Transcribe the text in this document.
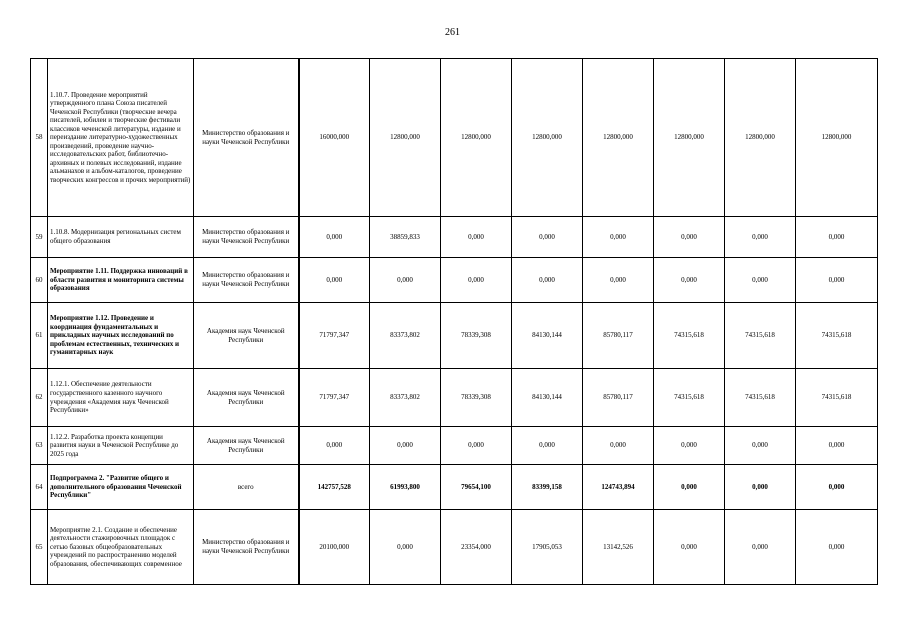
261
58	1.10.7. Проведение мероприятий утвержденного плана Союза писателей Чеченской Республики (творческие вечера писателей, юбилеи и творческие фестивали классиков чеченской литературы, издание и переиздание литературно-художественных произведений, проведение научно-исследовательских работ, библиотечно-архивных и полевых исследований, издание альманахов и альбом-каталогов, проведение творческих конгрессов и прочих мероприятий)	Министерство образования и науки Чеченской Республики	16000,000	12800,000	12800,000	12800,000	12800,000	12800,000	12800,000	12800,000
59	1.10.8. Модернизация региональных систем общего образования	Министерство образования и науки Чеченской Республики	0,000	38859,833	0,000	0,000	0,000	0,000	0,000	0,000
60	Мероприятие 1.11. Поддержка инноваций в области развития и мониторинга системы образования	Министерство образования и науки Чеченской Республики	0,000	0,000	0,000	0,000	0,000	0,000	0,000	0,000
61	Мероприятие 1.12. Проведение и координация фундаментальных и прикладных научных исследований по проблемам естественных, технических и гуманитарных наук	Академия наук Чеченской Республики	71797,347	83373,802	78339,308	84130,144	85780,117	74315,618	74315,618	74315,618
62	1.12.1. Обеспечение деятельности государственного казенного научного учреждения «Академия наук Чеченской Республики»	Академия наук Чеченской Республики	71797,347	83373,802	78339,308	84130,144	85780,117	74315,618	74315,618	74315,618
63	1.12.2. Разработка проекта концепции развития науки в Чеченской Республике до 2025 года	Академия наук Чеченской Республики	0,000	0,000	0,000	0,000	0,000	0,000	0,000	0,000
64	Подпрограмма 2. "Развитие общего и дополнительного образования Чеченской Республики"	всего	142757,528	61993,800	79654,100	83399,158	124743,894	0,000	0,000	0,000
65	Мероприятие 2.1. Создание и обеспечение деятельности стажировочных площадок с сетью базовых общеобразовательных учреждений по распространению моделей образования, обеспечивающих современное	Министерство образования и науки Чеченской Республики	20100,000	0,000	23354,000	17905,053	13142,526	0,000	0,000	0,000
